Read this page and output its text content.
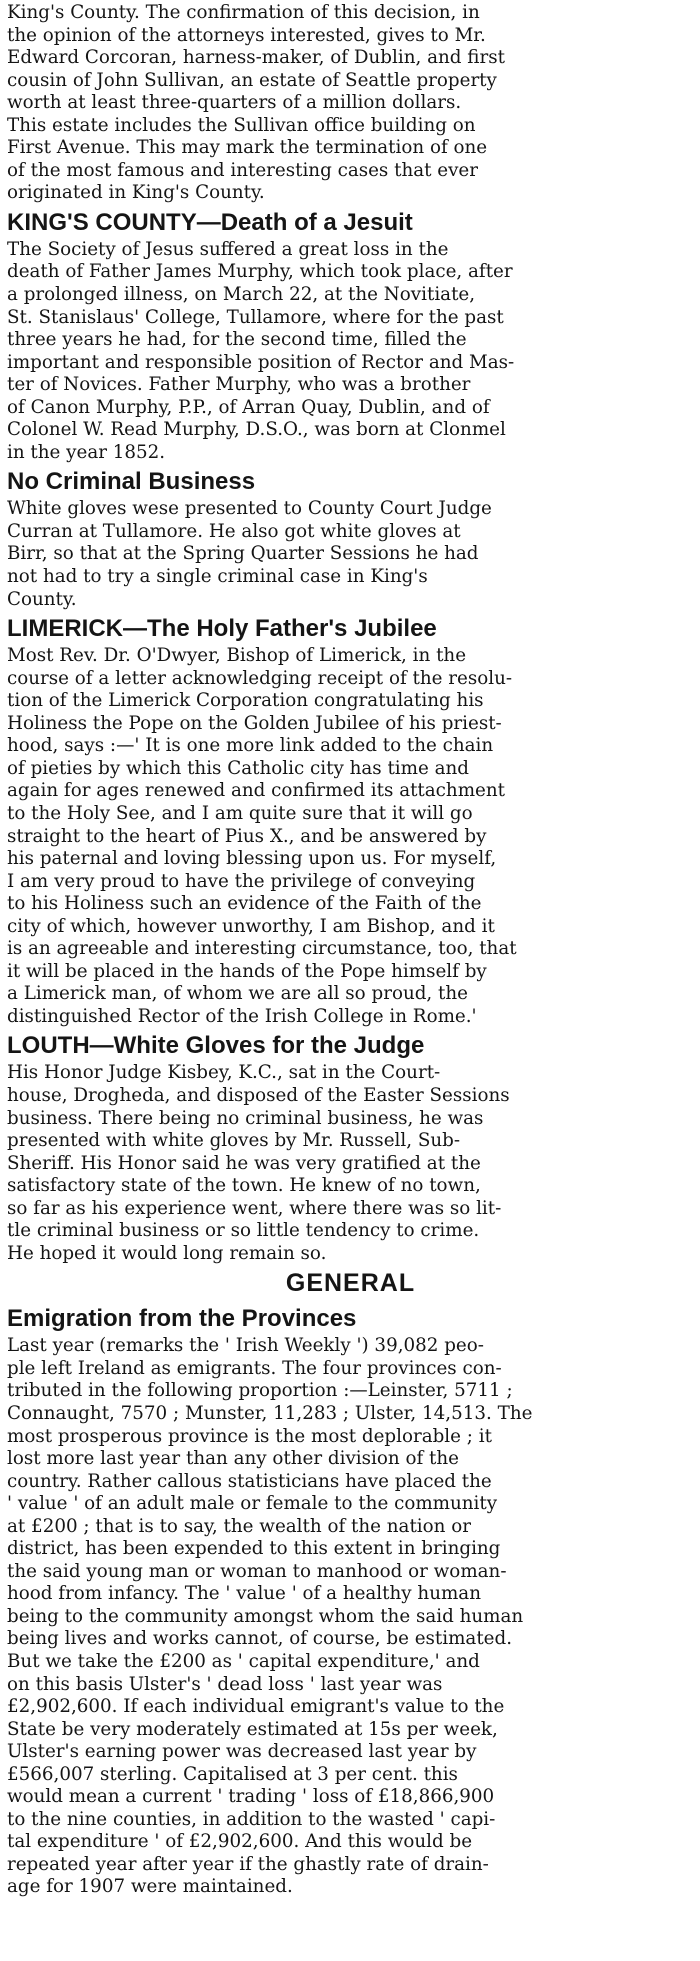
King's County. The confirmation of this decision, in
the opinion of the attorneys interested, gives to Mr.
Edward Corcoran, harness-maker, of Dublin, and first
cousin of John Sullivan, an estate of Seattle property
worth at least three-quarters of a million dollars.
This estate includes the Sullivan office building on
First Avenue. This may mark the termination of one
of the most famous and interesting cases that ever
originated in King's County.
KING'S COUNTY—Death of a Jesuit
The Society of Jesus suffered a great loss in the
death of Father James Murphy, which took place, after
a prolonged illness, on March 22, at the Novitiate,
St. Stanislaus' College, Tullamore, where for the past
three years he had, for the second time, filled the
important and responsible position of Rector and Mas-
ter of Novices. Father Murphy, who was a brother
of Canon Murphy, P.P., of Arran Quay, Dublin, and of
Colonel W. Read Murphy, D.S.O., was born at Clonmel
in the year 1852.
No Criminal Business
White gloves wese presented to County Court Judge
Curran at Tullamore. He also got white gloves at
Birr, so that at the Spring Quarter Sessions he had
not had to try a single criminal case in King's
County.
LIMERICK—The Holy Father's Jubilee
Most Rev. Dr. O'Dwyer, Bishop of Limerick, in the
course of a letter acknowledging receipt of the resolu-
tion of the Limerick Corporation congratulating his
Holiness the Pope on the Golden Jubilee of his priest-
hood, says :—' It is one more link added to the chain
of pieties by which this Catholic city has time and
again for ages renewed and confirmed its attachment
to the Holy See, and I am quite sure that it will go
straight to the heart of Pius X., and be answered by
his paternal and loving blessing upon us. For myself,
I am very proud to have the privilege of conveying
to his Holiness such an evidence of the Faith of the
city of which, however unworthy, I am Bishop, and it
is an agreeable and interesting circumstance, too, that
it will be placed in the hands of the Pope himself by
a Limerick man, of whom we are all so proud, the
distinguished Rector of the Irish College in Rome.'
LOUTH—White Gloves for the Judge
His Honor Judge Kisbey, K.C., sat in the Court-
house, Drogheda, and disposed of the Easter Sessions
business. There being no criminal business, he was
presented with white gloves by Mr. Russell, Sub-
Sheriff. His Honor said he was very gratified at the
satisfactory state of the town. He knew of no town,
so far as his experience went, where there was so lit-
tle criminal business or so little tendency to crime.
He hoped it would long remain so.
GENERAL
Emigration from the Provinces
Last year (remarks the ' Irish Weekly ') 39,082 peo-
ple left Ireland as emigrants. The four provinces con-
tributed in the following proportion :—Leinster, 5711 ;
Connaught, 7570 ; Munster, 11,283 ; Ulster, 14,513. The
most prosperous province is the most deplorable ; it
lost more last year than any other division of the
country. Rather callous statisticians have placed the
' value ' of an adult male or female to the community
at £200 ; that is to say, the wealth of the nation or
district, has been expended to this extent in bringing
the said young man or woman to manhood or woman-
hood from infancy. The ' value ' of a healthy human
being to the community amongst whom the said human
being lives and works cannot, of course, be estimated.
But we take the £200 as ' capital expenditure,' and
on this basis Ulster's ' dead loss ' last year was
£2,902,600. If each individual emigrant's value to the
State be very moderately estimated at 15s per week,
Ulster's earning power was decreased last year by
£566,007 sterling. Capitalised at 3 per cent. this
would mean a current ' trading ' loss of £18,866,900
to the nine counties, in addition to the wasted ' capi-
tal expenditure ' of £2,902,600. And this would be
repeated year after year if the ghastly rate of drain-
age for 1907 were maintained.
